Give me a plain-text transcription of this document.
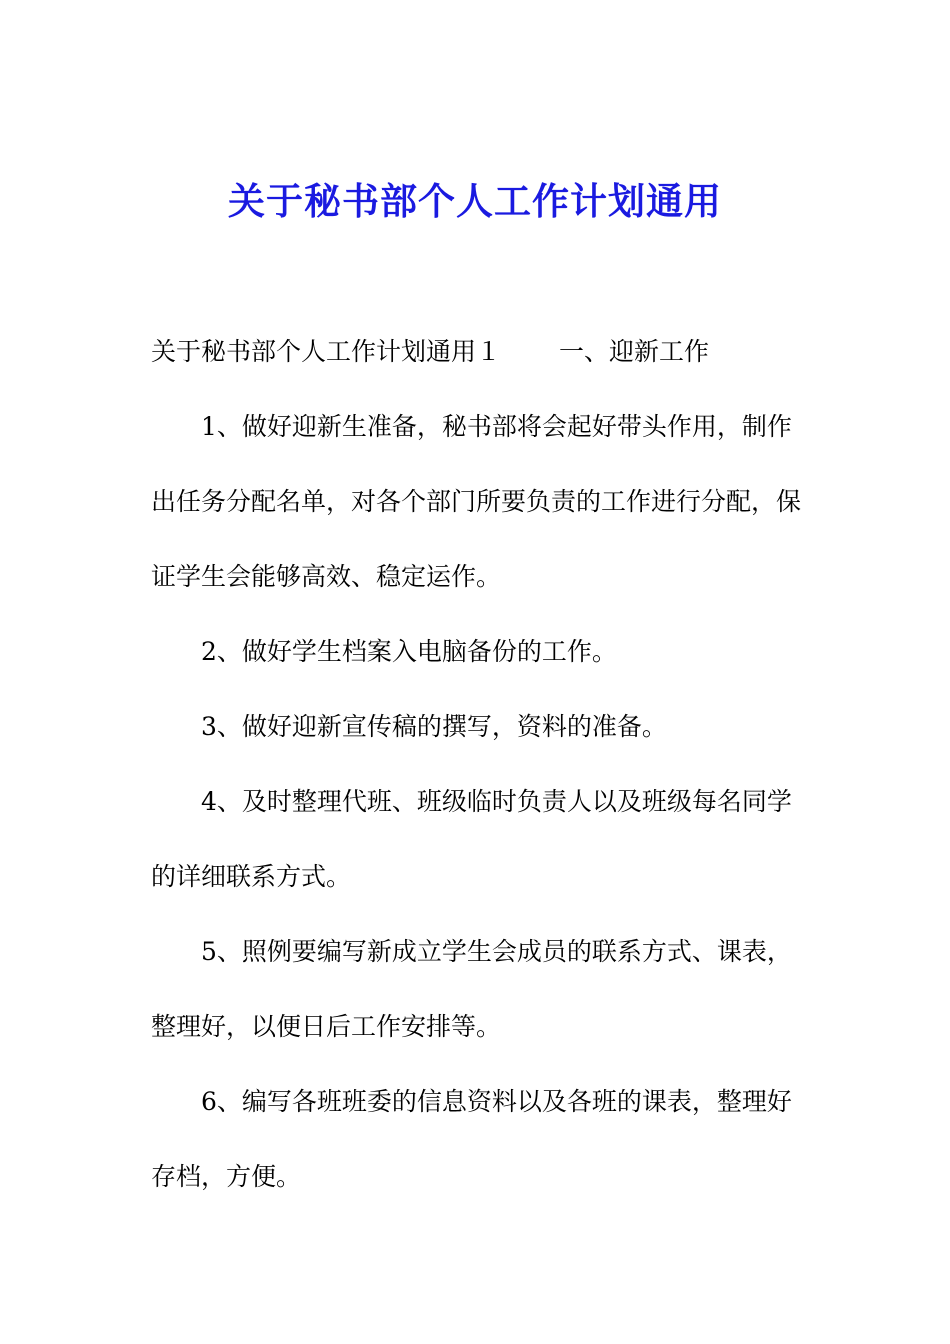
关于秘书部个人工作计划通用

关于秘书部个人工作计划通用１ 一、迎新工作

1、做好迎新生准备，秘书部将会起好带头作用，制作出任务分配名单，对各个部门所要负责的工作进行分配，保证学生会能够高效、稳定运作。

2、做好学生档案入电脑备份的工作。

3、做好迎新宣传稿的撰写，资料的准备。

4、及时整理代班、班级临时负责人以及班级每名同学的详细联系方式。

5、照例要编写新成立学生会成员的联系方式、课表，整理好，以便日后工作安排等。

6、编写各班班委的信息资料以及各班的课表，整理好存档，方便。
